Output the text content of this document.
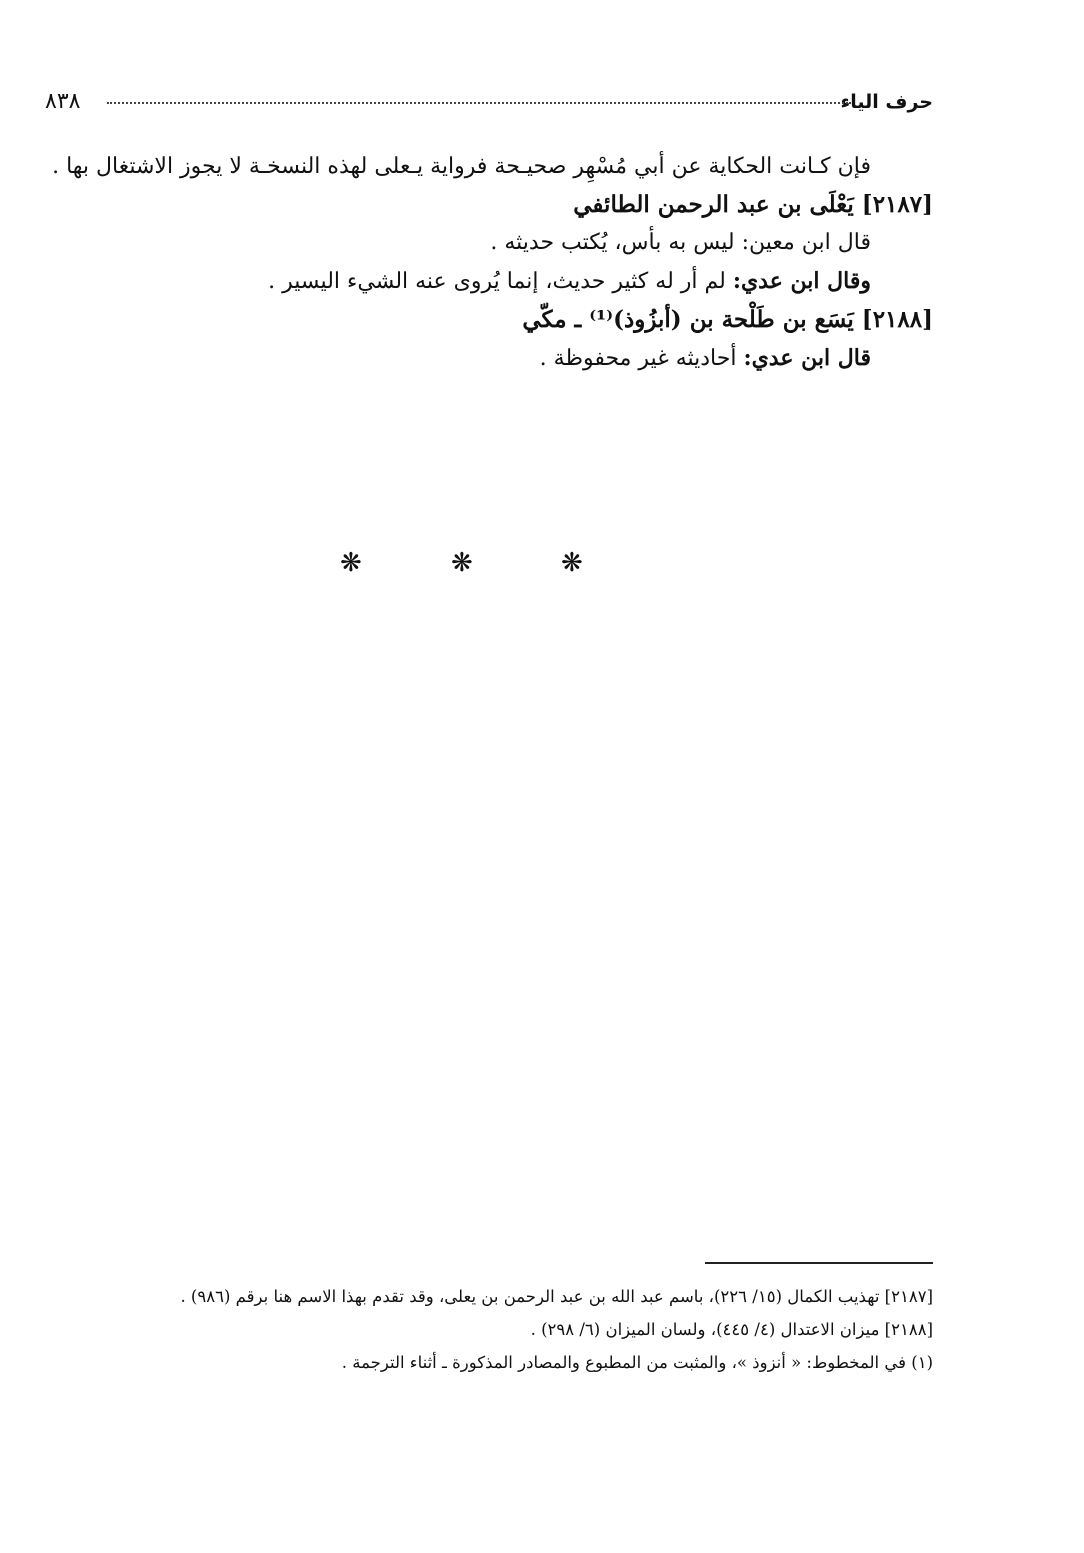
حرف الياء
٨٣٨

فإن كـانت الحكاية عن أبي مُسْهِر صحيـحة فرواية يـعلى لهذه النسخـة لا يجوز الاشتغال بها .

[٢١٨٧] يَعْلَى بن عبد الرحمن الطائفي

قال ابن معين: ليس به بأس، يُكتب حديثه .

وقال ابن عدي: لم أر له كثير حديث، إنما يُروى عنه الشيء اليسير .

[٢١٨٨] يَسَع بن طَلْحة بن (أبزُوذ)⁽¹⁾ ـ مكّي

قال ابن عدي: أحاديثه غير محفوظة .

❋	❋	❋

[٢١٨٧] تهذيب الكمال (١٥/ ٢٢٦)، باسم عبد الله بن عبد الرحمن بن يعلى، وقد تقدم بهذا الاسم هنا برقم (٩٨٦) .

[٢١٨٨] ميزان الاعتدال (٤/ ٤٤٥)، ولسان الميزان (٦/ ٢٩٨) .

(١) في المخطوط: « أنزوذ »، والمثبت من المطبوع والمصادر المذكورة ـ أثناء الترجمة .
